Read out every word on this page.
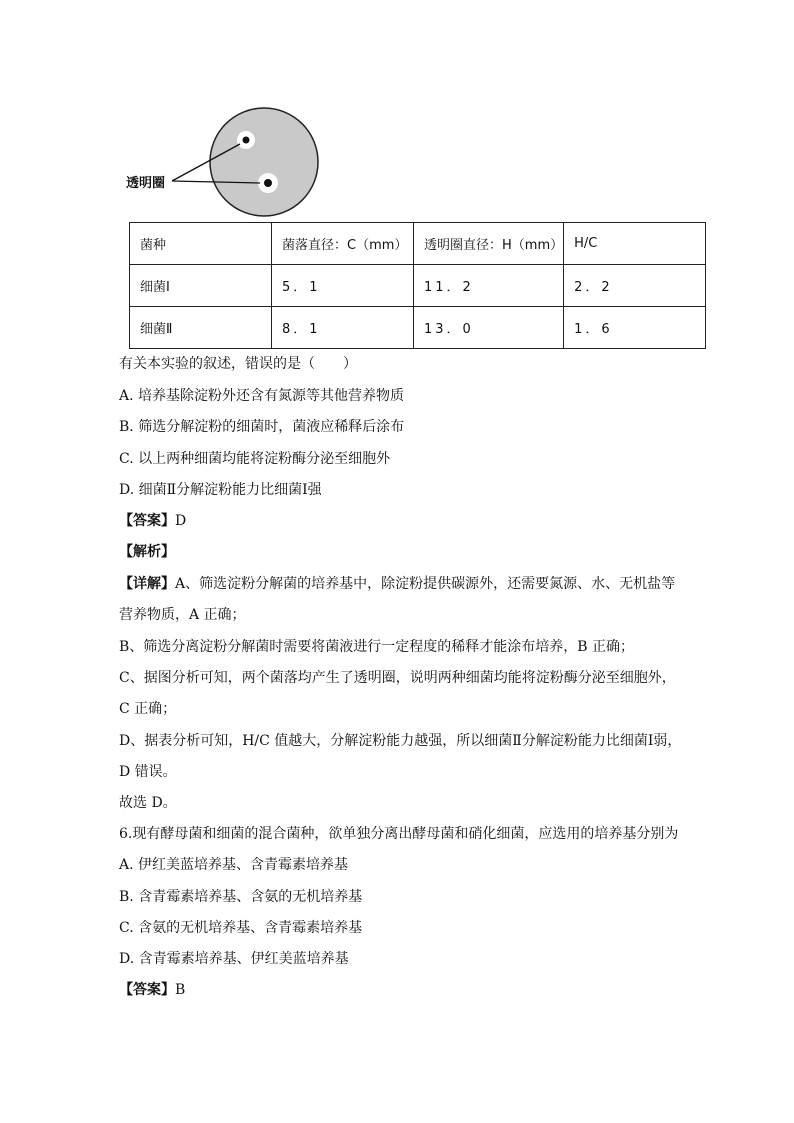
透明圈
菌种	菌落直径：C（mm）	透明圈直径：H（mm）	H/C
细菌Ⅰ	5．1	11．2	2．2
细菌Ⅱ	8．1	13．0	1．6
有关本实验的叙述，错误的是（　　）
A. 培养基除淀粉外还含有氮源等其他营养物质
B. 筛选分解淀粉的细菌时，菌液应稀释后涂布
C. 以上两种细菌均能将淀粉酶分泌至细胞外
D. 细菌Ⅱ分解淀粉能力比细菌Ⅰ强
【答案】D
【解析】
【详解】A、筛选淀粉分解菌的培养基中，除淀粉提供碳源外，还需要氮源、水、无机盐等
营养物质，A 正确；
B、筛选分离淀粉分解菌时需要将菌液进行一定程度的稀释才能涂布培养，B 正确；
C、据图分析可知，两个菌落均产生了透明圈，说明两种细菌均能将淀粉酶分泌至细胞外，
C 正确；
D、据表分析可知，H/C 值越大，分解淀粉能力越强，所以细菌Ⅱ分解淀粉能力比细菌Ⅰ弱，
D 错误。
故选 D。
6.现有酵母菌和细菌的混合菌种，欲单独分离出酵母菌和硝化细菌，应选用的培养基分别为
A. 伊红美蓝培养基、含青霉素培养基
B. 含青霉素培养基、含氨的无机培养基
C. 含氨的无机培养基、含青霉素培养基
D. 含青霉素培养基、伊红美蓝培养基
【答案】B
